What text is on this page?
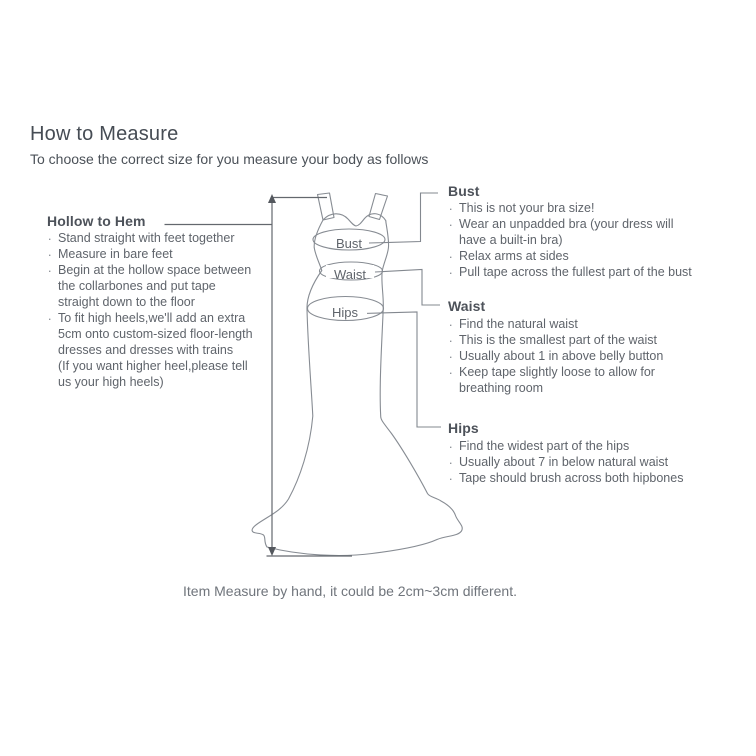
Bust
Waist
Hips
How to Measure
To choose the correct size for you measure your body as follows
Hollow to Hem
. Stand straight with feet together
. Measure in bare feet
. Begin at the hollow space between
the collarbones and put tape
straight down to the floor
. To fit high heels,we'll add an extra
5cm onto custom-sized floor-length
dresses and dresses with trains
(If you want higher heel,please tell
us your high heels)
Bust
. This is not your bra size!
. Wear an unpadded bra (your dress will
have a built-in bra)
. Relax arms at sides
. Pull tape across the fullest part of the bust
Waist
. Find the natural waist
. This is the smallest part of the waist
. Usually about 1 in above belly button
. Keep tape slightly loose to allow for
breathing room
Hips
. Find the widest part of the hips
. Usually about 7 in below natural waist
. Tape should brush across both hipbones
Item Measure by hand, it could be 2cm~3cm different.
